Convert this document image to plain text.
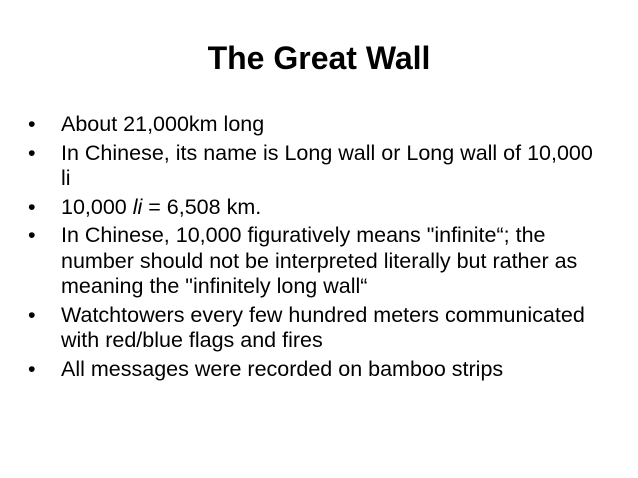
The Great Wall
•	About 21,000km long
•	In Chinese, its name is Long wall or Long wall of 10,000 li
•	10,000 li = 6,508 km.
•	In Chinese, 10,000 figuratively means "infinite“; the number should not be interpreted literally but rather as meaning the "infinitely long wall“
•	Watchtowers every few hundred meters communicated with red/blue flags and fires
•	All messages were recorded on bamboo strips
